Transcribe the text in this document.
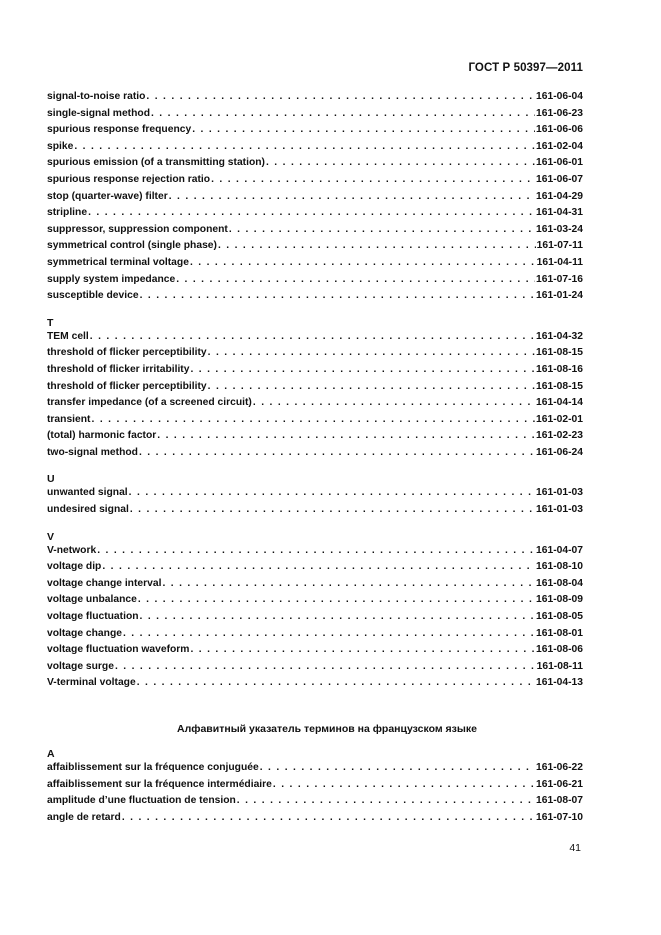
ГОСТ Р 50397—2011
signal-to-noise ratio . . .	161-06-04
single-signal method . . .	161-06-23
spurious response frequency . . .	161-06-06
spike . . .	161-02-04
spurious emission (of a transmitting station) . . .	161-06-01
spurious response rejection ratio . . .	161-06-07
stop (quarter-wave) filter . . .	161-04-29
stripline . . .	161-04-31
suppressor, suppression component . . .	161-03-24
symmetrical control (single phase) . . .	161-07-11
symmetrical terminal voltage . . .	161-04-11
supply system impedance . . .	161-07-16
susceptible device . . .	161-01-24
T
TEM cell . . .	161-04-32
threshold of flicker perceptibility . . .	161-08-15
threshold of flicker irritability . . .	161-08-16
threshold of flicker perceptibility . . .	161-08-15
transfer impedance (of a screened circuit) . . .	161-04-14
transient . . .	161-02-01
(total) harmonic factor . . .	161-02-23
two-signal method . . .	161-06-24
U
unwanted signal . . .	161-01-03
undesired signal . . .	161-01-03
V
V-network . . .	161-04-07
voltage dip . . .	161-08-10
voltage change interval . . .	161-08-04
voltage unbalance . . .	161-08-09
voltage fluctuation . . .	161-08-05
voltage change . . .	161-08-01
voltage fluctuation waveform . . .	161-08-06
voltage surge . . .	161-08-11
V-terminal voltage . . .	161-04-13
Алфавитный указатель терминов на французском языке
A
affaiblissement sur la fréquence conjuguée . . .	161-06-22
affaiblissement sur la fréquence intermédiaire . . .	161-06-21
amplitude d’une fluctuation de tension . . .	161-08-07
angle de retard . . .	161-07-10
41
